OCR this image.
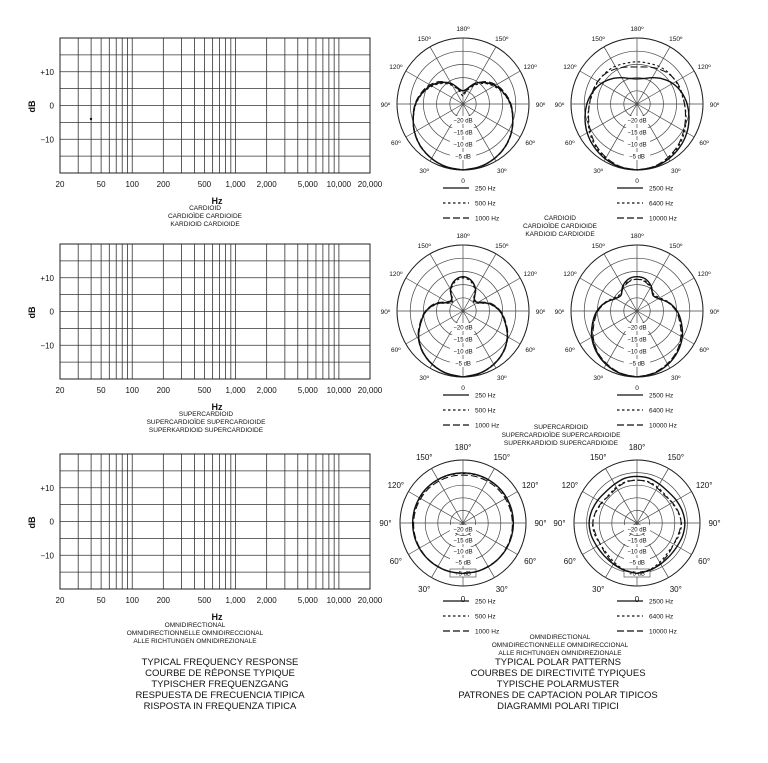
+10
0
−10
dB
20	50 100 200	500 1,000 2,000	5,000 10,000 20,000
Hz
+10
0
−10
dB
20	50 100 200	500 1,000 2,000	5,000 10,000 20,000
Hz
+10
0
−10
dB
20	50 100 200	500 1,000 2,000	5,000 10,000 20,000
Hz
CARDIOID
CARDIOÏDE CARDIOIDE
KARDIOID CARDIOIDE
SUPERCARDIOID
SUPERCARDIOÏDE SUPERCARDIOIDE
SUPERKARDIOID SUPERCARDIOIDE
OMNIDIRECTIONAL
OMNIDIRECTIONNELLE OMNIDIRECCIONAL
ALLE RICHTUNGEN OMNIDIREZIONALE
CARDIOID
CARDIOÏDE CARDIOIDE
KARDIOID CARDIOIDE
SUPERCARDIOID
SUPERCARDIOÏDE SUPERCARDIOIDE
SUPERKARDIOID SUPERCARDIOIDE
OMNIDIRECTIONAL
OMNIDIRECTIONNELLE OMNIDIRECCIONAL
ALLE RICHTUNGEN OMNIDIREZIONALE
180º
150º
120º
90º
60º
30º
0
30º
60º
90º
120º
150º
−20 dB
−15 dB
−10 dB
−5 dB
250 Hz
500 Hz
1000 Hz
180º
150º
120º
90º
60º
30º
0
30º
60º
90º
120º
150º
−20 dB
−15 dB
−10 dB
−5 dB
2500 Hz
6400 Hz
10000 Hz
180º
150º
120º
90º
60º
30º
0
30º
60º
90º
120º
150º
−20 dB
−15 dB
−10 dB
−5 dB
250 Hz
500 Hz
1000 Hz
180º
150º
120º
90º
60º
30º
0
30º
60º
90º
120º
150º
−20 dB
−15 dB
−10 dB
−5 dB
2500 Hz
6400 Hz
10000 Hz
180°
150°
120°
90°
60°
30°
0
30°
60°
90°
120°
150°
−20 dB
−15 dB
−10 dB
−5 dB
+5 dB
250 Hz
500 Hz
1000 Hz
180°
150°
120°
90°
60°
30°
0
30°
60°
90°
120°
150°
−20 dB
−15 dB
−10 dB
−5 dB
+5 dB
2500 Hz
6400 Hz
10000 Hz
TYPICAL FREQUENCY RESPONSE
COURBE DE RÉPONSE TYPIQUE
TYPISCHER FREQUENZGANG
RESPUESTA DE FRECUENCIA TIPICA
RISPOSTA IN FREQUENZA TIPICA
TYPICAL POLAR PATTERNS
COURBES DE DIRECTIVITÉ TYPIQUES
TYPISCHE POLARMUSTER
PATRONES DE CAPTACION POLAR TIPICOS
DIAGRAMMI POLARI TIPICI
